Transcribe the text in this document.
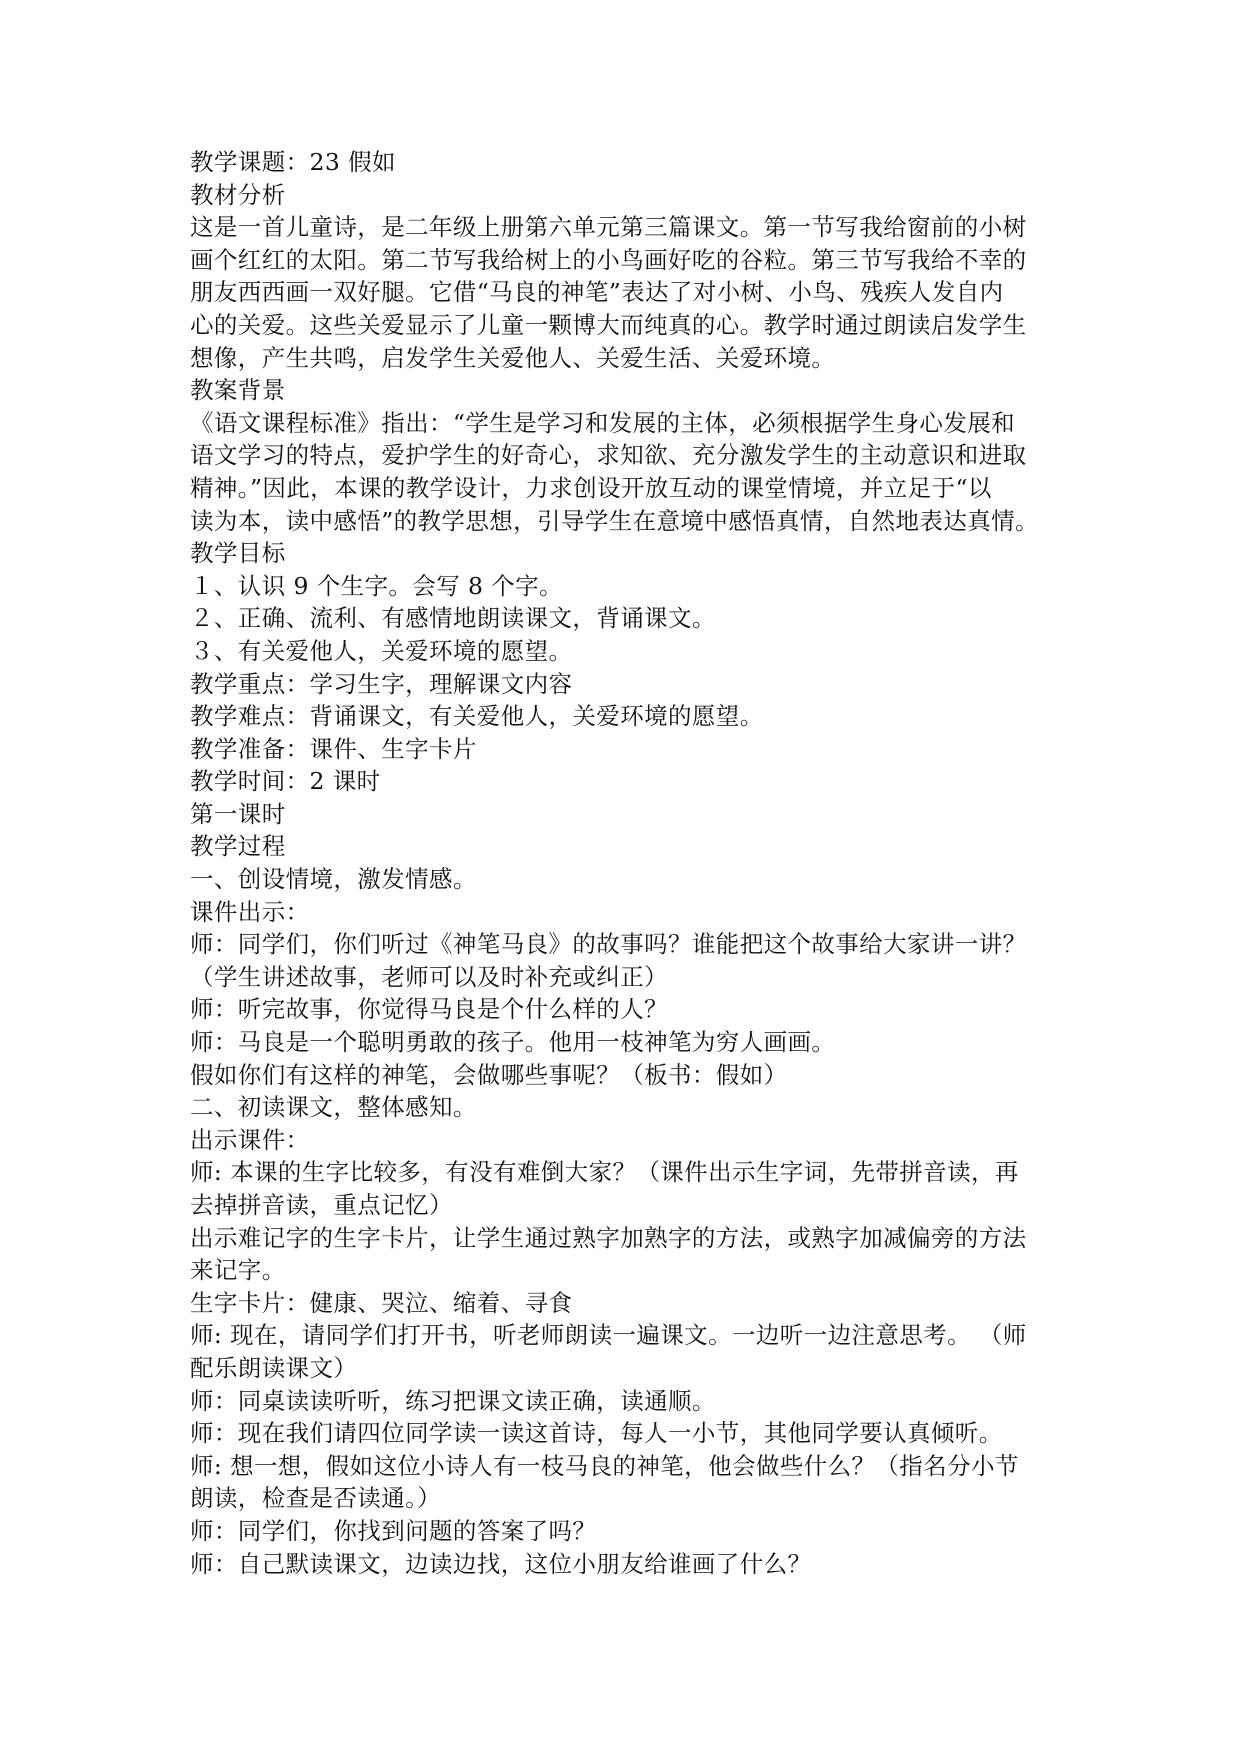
教学课题：23 假如
教材分析
这是一首儿童诗，是二年级上册第六单元第三篇课文。第一节写我给窗前的小树
画个红红的太阳。第二节写我给树上的小鸟画好吃的谷粒。第三节写我给不幸的
朋友西西画一双好腿。它借“马良的神笔”表达了对小树、小鸟、残疾人发自内
心的关爱。这些关爱显示了儿童一颗博大而纯真的心。教学时通过朗读启发学生
想像，产生共鸣，启发学生关爱他人、关爱生活、关爱环境。
教案背景
《语文课程标准》指出：“学生是学习和发展的主体，必须根据学生身心发展和
语文学习的特点，爱护学生的好奇心，求知欲、充分激发学生的主动意识和进取
精神。”因此，本课的教学设计，力求创设开放互动的课堂情境，并立足于“以
读为本，读中感悟”的教学思想，引导学生在意境中感悟真情，自然地表达真情。
教学目标
１、认识 9 个生字。会写 8 个字。
２、正确、流利、有感情地朗读课文，背诵课文。
３、有关爱他人，关爱环境的愿望。
教学重点：学习生字，理解课文内容
教学难点：背诵课文，有关爱他人，关爱环境的愿望。
教学准备：课件、生字卡片
教学时间：2 课时
第一课时
教学过程
一、创设情境，激发情感。
课件出示：
师：同学们，你们听过《神笔马良》的故事吗？谁能把这个故事给大家讲一讲？
（学生讲述故事，老师可以及时补充或纠正）
师：听完故事，你觉得马良是个什么样的人？
师：马良是一个聪明勇敢的孩子。他用一枝神笔为穷人画画。
假如你们有这样的神笔，会做哪些事呢？（板书：假如）
二、初读课文，整体感知。
出示课件：
师: 本课的生字比较多，有没有难倒大家？（课件出示生字词，先带拼音读，再
去掉拼音读，重点记忆）
出示难记字的生字卡片，让学生通过熟字加熟字的方法，或熟字加减偏旁的方法
来记字。
生字卡片：健康、哭泣、缩着、寻食
师: 现在，请同学们打开书，听老师朗读一遍课文。一边听一边注意思考。 （师
配乐朗读课文）
师：同桌读读听听，练习把课文读正确，读通顺。
师：现在我们请四位同学读一读这首诗，每人一小节，其他同学要认真倾听。
师: 想一想，假如这位小诗人有一枝马良的神笔，他会做些什么？（指名分小节
朗读，检查是否读通。）
师：同学们，你找到问题的答案了吗？
师：自己默读课文，边读边找，这位小朋友给谁画了什么？
